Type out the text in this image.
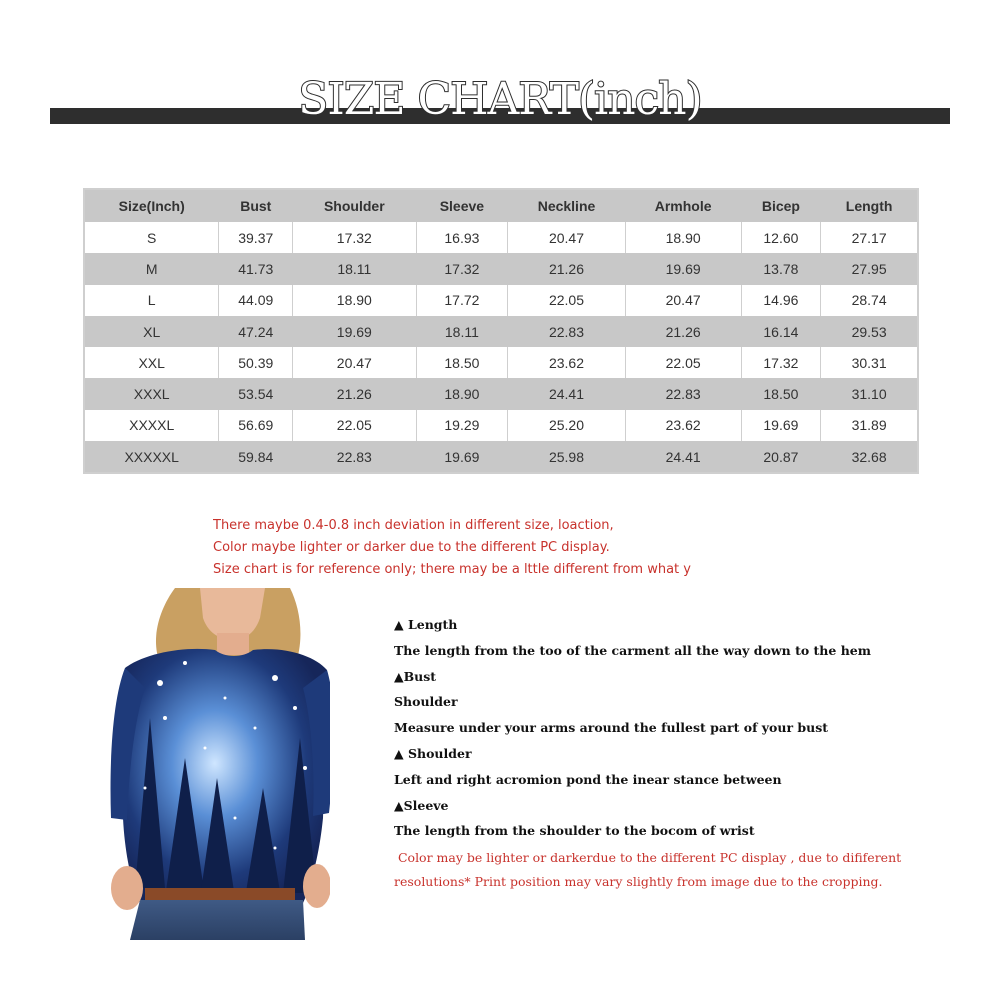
SIZE CHART(inch)
Size(Inch)	Bust	Shoulder	Sleeve	Neckline	Armhole	Bicep	Length
S	39.37	17.32	16.93	20.47	18.90	12.60	27.17
M	41.73	18.11	17.32	21.26	19.69	13.78	27.95
L	44.09	18.90	17.72	22.05	20.47	14.96	28.74
XL	47.24	19.69	18.11	22.83	21.26	16.14	29.53
XXL	50.39	20.47	18.50	23.62	22.05	17.32	30.31
XXXL	53.54	21.26	18.90	24.41	22.83	18.50	31.10
XXXXL	56.69	22.05	19.29	25.20	23.62	19.69	31.89
XXXXXL	59.84	22.83	19.69	25.98	24.41	20.87	32.68
There maybe 0.4-0.8 inch deviation in different size, loaction,
Color maybe lighter or darker due to the different PC display.
Size chart is for reference only; there may be a lttle different from what y
▲ Length
The length from the too of the carment all the way down to the hem
▲Bust
Shoulder
Measure under your arms around the fullest part of your bust
▲ Shoulder
Left and right acromion pond the inear stance between
▲Sleeve
The length from the shoulder to the bocom of wrist
Color may be lighter or darkerdue to the different PC display , due to dififerent
resolutions* Print position may vary slightly from image due to the cropping.
